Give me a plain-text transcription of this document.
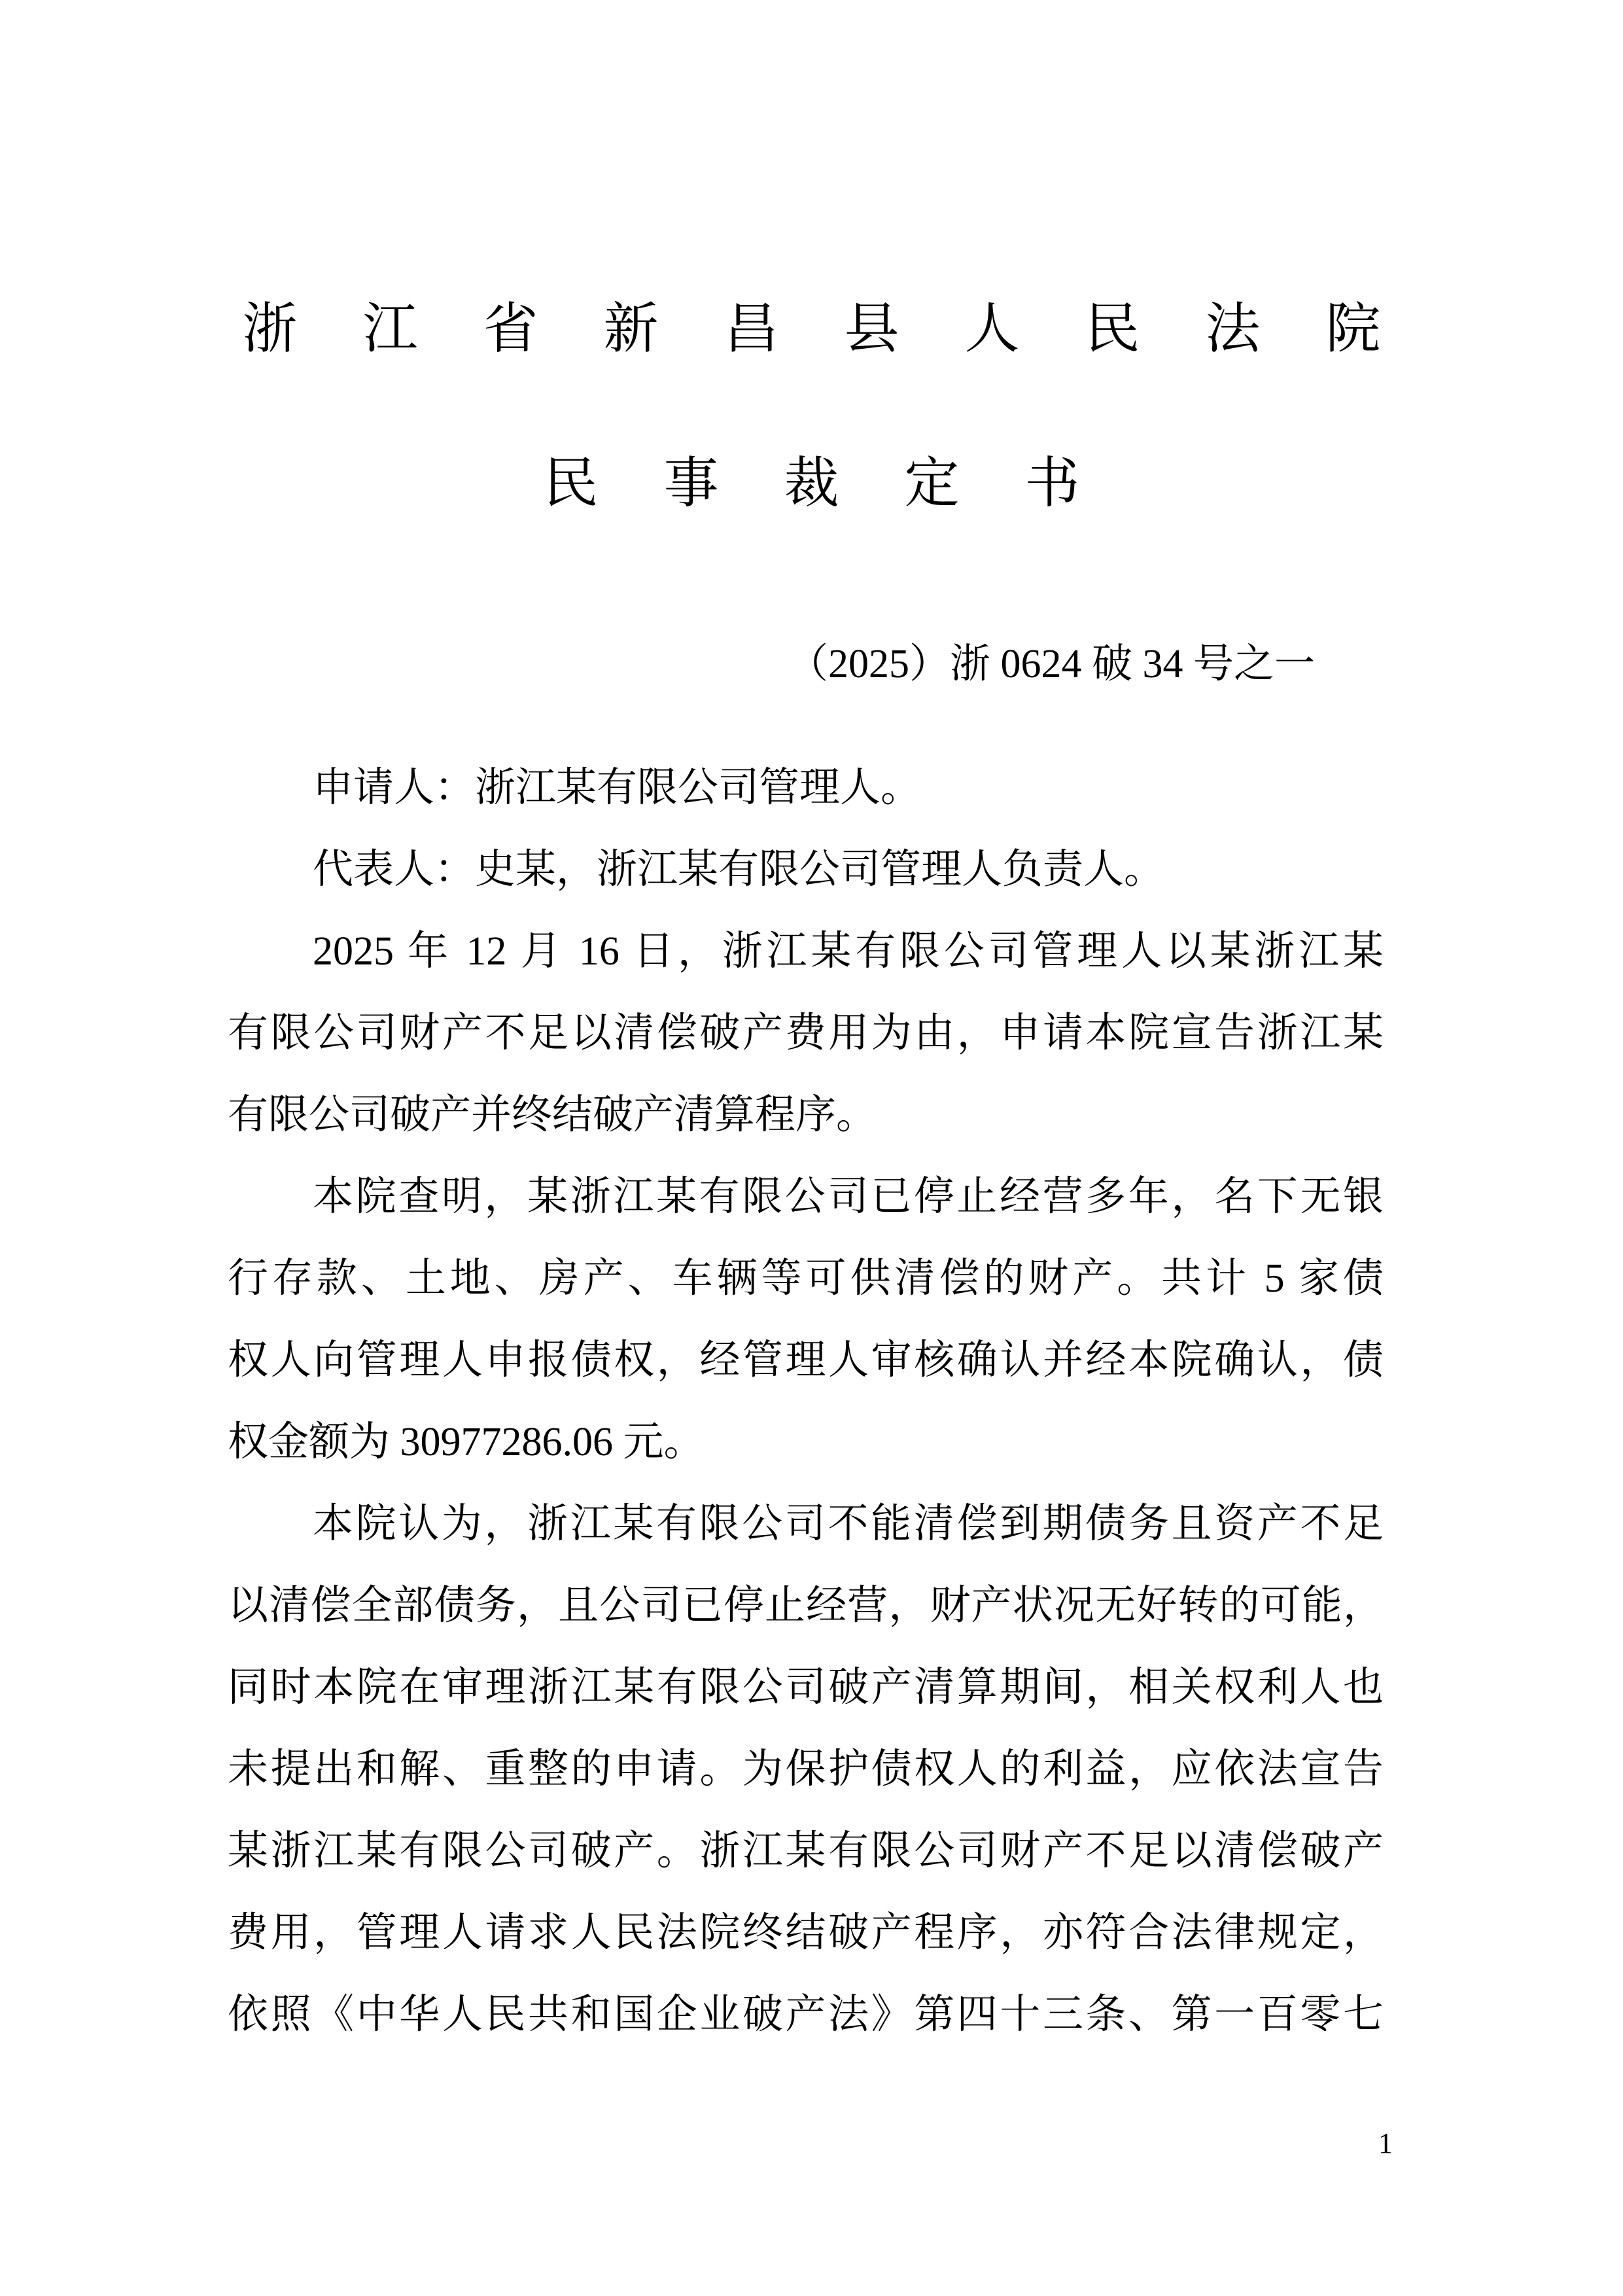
浙江省新昌县人民法院
民事裁定书
（2025）浙 0624 破 34 号之一
申请人：浙江某有限公司管理人。
代表人：史某，浙江某有限公司管理人负责人。
2025 年 12 月 16 日，浙江某有限公司管理人以某浙江某
有限公司财产不足以清偿破产费用为由，申请本院宣告浙江某
有限公司破产并终结破产清算程序。
本院查明，某浙江某有限公司已停止经营多年，名下无银
行存款、土地、房产、车辆等可供清偿的财产。共计 5 家债
权人向管理人申报债权，经管理人审核确认并经本院确认，债
权金额为 30977286.06 元。
本院认为，浙江某有限公司不能清偿到期债务且资产不足
以清偿全部债务，且公司已停止经营，财产状况无好转的可能，
同时本院在审理浙江某有限公司破产清算期间，相关权利人也
未提出和解、重整的申请。为保护债权人的利益，应依法宣告
某浙江某有限公司破产。浙江某有限公司财产不足以清偿破产
费用，管理人请求人民法院终结破产程序，亦符合法律规定，
依照《中华人民共和国企业破产法》第四十三条、第一百零七
1
